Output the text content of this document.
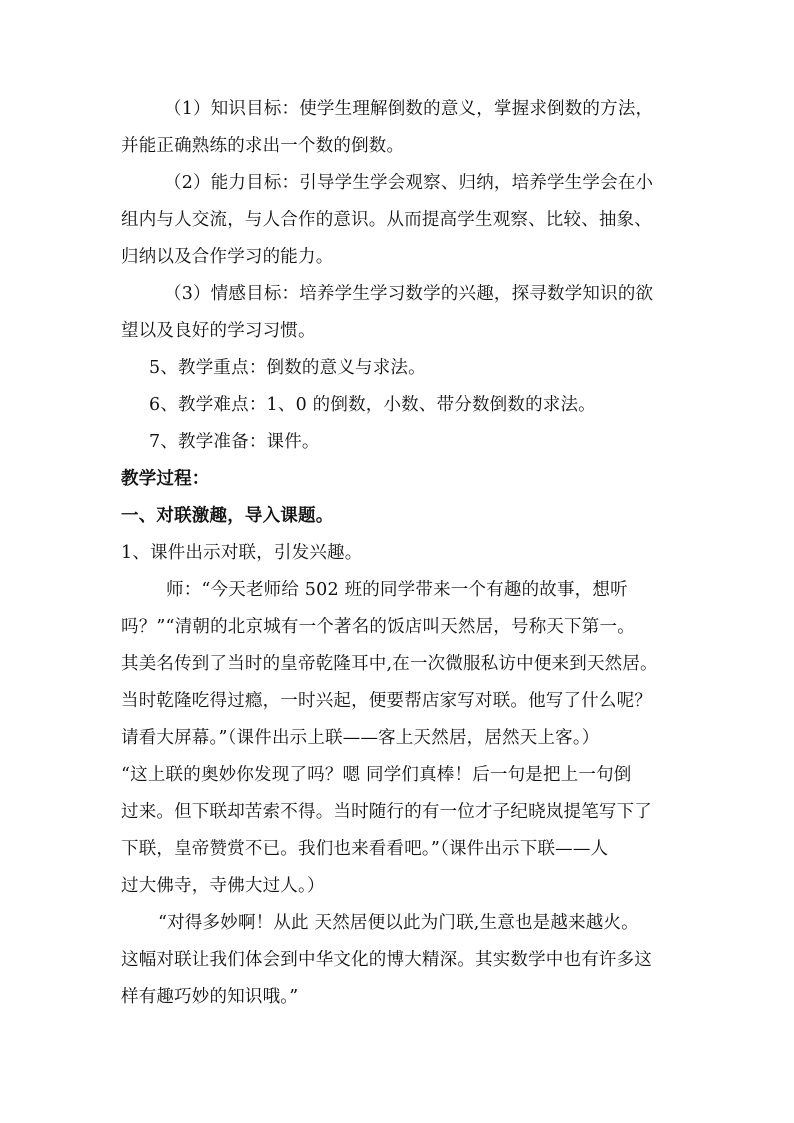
（1）知识目标：使学生理解倒数的意义，掌握求倒数的方法，
并能正确熟练的求出一个数的倒数。
（2）能力目标：引导学生学会观察、归纳，培养学生学会在小
组内与人交流，与人合作的意识。从而提高学生观察、比较、抽象、
归纳以及合作学习的能力。
（3）情感目标：培养学生学习数学的兴趣，探寻数学知识的欲
望以及良好的学习习惯。
5、教学重点：倒数的意义与求法。
6、教学难点：1、0 的倒数，小数、带分数倒数的求法。
7、教学准备：课件。
教学过程：
一、对联激趣，导入课题。
1、课件出示对联，引发兴趣。
师：“今天老师给 502 班的同学带来一个有趣的故事，想听
吗？”“清朝的北京城有一个著名的饭店叫天然居，号称天下第一。
其美名传到了当时的皇帝乾隆耳中,在一次微服私访中便来到天然居。
当时乾隆吃得过瘾，一时兴起，便要帮店家写对联。他写了什么呢？
请看大屏幕。”（课件出示上联——客上天然居，居然天上客。）
“这上联的奥妙你发现了吗？嗯 同学们真棒！后一句是把上一句倒
过来。但下联却苦索不得。当时随行的有一位才子纪晓岚提笔写下了
下联，皇帝赞赏不已。我们也来看看吧。”（课件出示下联——人
过大佛寺，寺佛大过人。）
“对得多妙啊！从此 天然居便以此为门联,生意也是越来越火。
这幅对联让我们体会到中华文化的博大精深。其实数学中也有许多这
样有趣巧妙的知识哦。”
